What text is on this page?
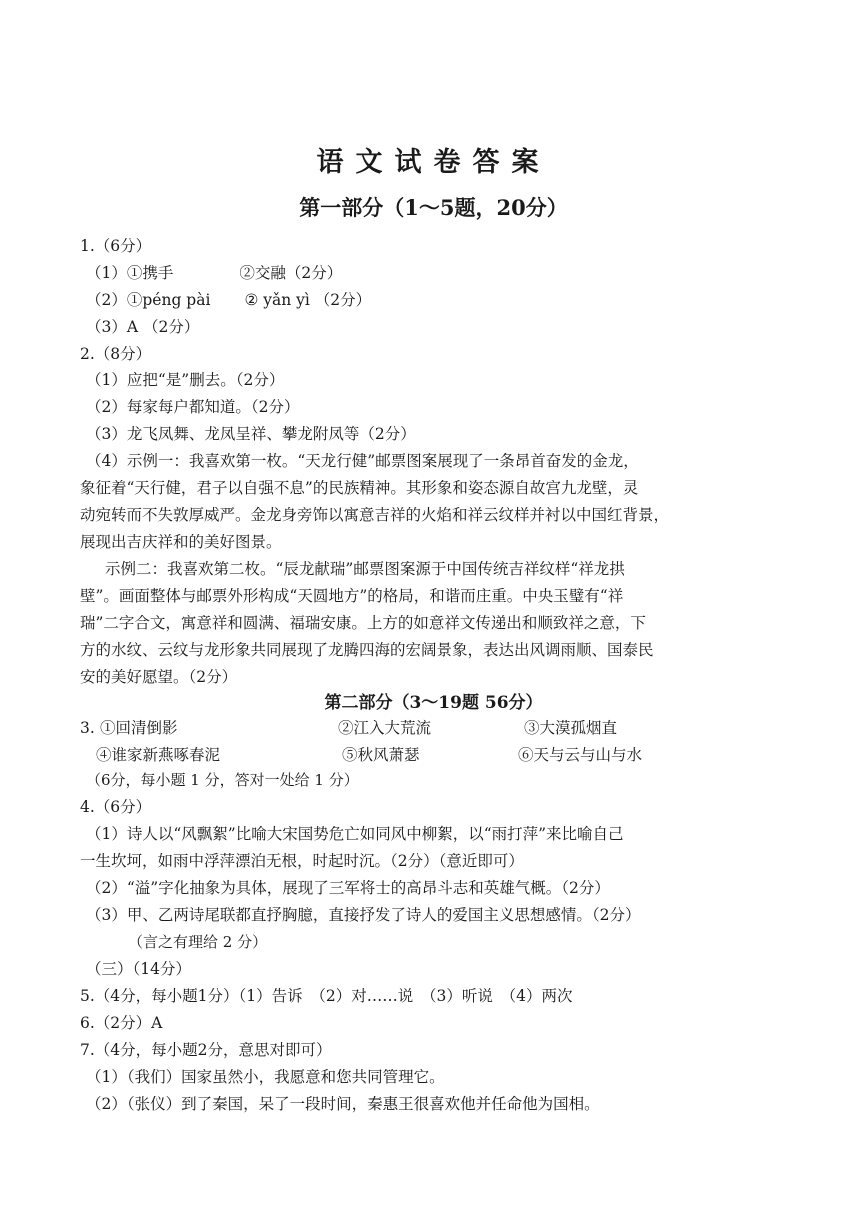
语文试卷答案
第一部分（1～5题，20分）

1.（6分）

（1）①携手	②交融（2分）

（2）①péng pài ② yǎn yì （2分）

（3）A （2分）

2.（8分）

（1）应把“是”删去。（2分）

（2）每家每户都知道。（2分）

（3）龙飞凤舞、龙凤呈祥、攀龙附凤等（2分）

（4）示例一：我喜欢第一枚。“天龙行健”邮票图案展现了一条昂首奋发的金龙，

象征着“天行健，君子以自强不息”的民族精神。其形象和姿态源自故宫九龙壁，灵

动宛转而不失敦厚威严。金龙身旁饰以寓意吉祥的火焰和祥云纹样并衬以中国红背景，

展现出吉庆祥和的美好图景。

示例二：我喜欢第二枚。“辰龙献瑞”邮票图案源于中国传统吉祥纹样“祥龙拱

壁”。画面整体与邮票外形构成“天圆地方”的格局，和谐而庄重。中央玉璧有“祥

瑞”二字合文，寓意祥和圆满、福瑞安康。上方的如意祥文传递出和顺致祥之意，下

方的水纹、云纹与龙形象共同展现了龙腾四海的宏阔景象，表达出风调雨顺、国泰民

安的美好愿望。（2分）

第二部分（3～19题 56分）
3. ①回清倒影	②江入大荒流	③大漠孤烟直
④谁家新燕啄春泥	⑤秋风萧瑟	⑥天与云与山与水

（6分，每小题 1 分，答对一处给 1 分）

4.（6分）

（1）诗人以“风飘絮”比喻大宋国势危亡如同风中柳絮，以“雨打萍”来比喻自己

一生坎坷，如雨中浮萍漂泊无根，时起时沉。（2分）（意近即可）

（2）“溢”字化抽象为具体，展现了三军将士的高昂斗志和英雄气概。（2分）

（3）甲、乙两诗尾联都直抒胸臆，直接抒发了诗人的爱国主义思想感情。（2分）

（言之有理给 2 分）

（三）（14分）

5.（4分，每小题1分）（1）告诉　（2）对……说　（3）听说　（4）两次

6.（2分）A

7.（4分，每小题2分，意思对即可）

（1）（我们）国家虽然小，我愿意和您共同管理它。

（2）（张仪）到了秦国，呆了一段时间，秦惠王很喜欢他并任命他为国相。
